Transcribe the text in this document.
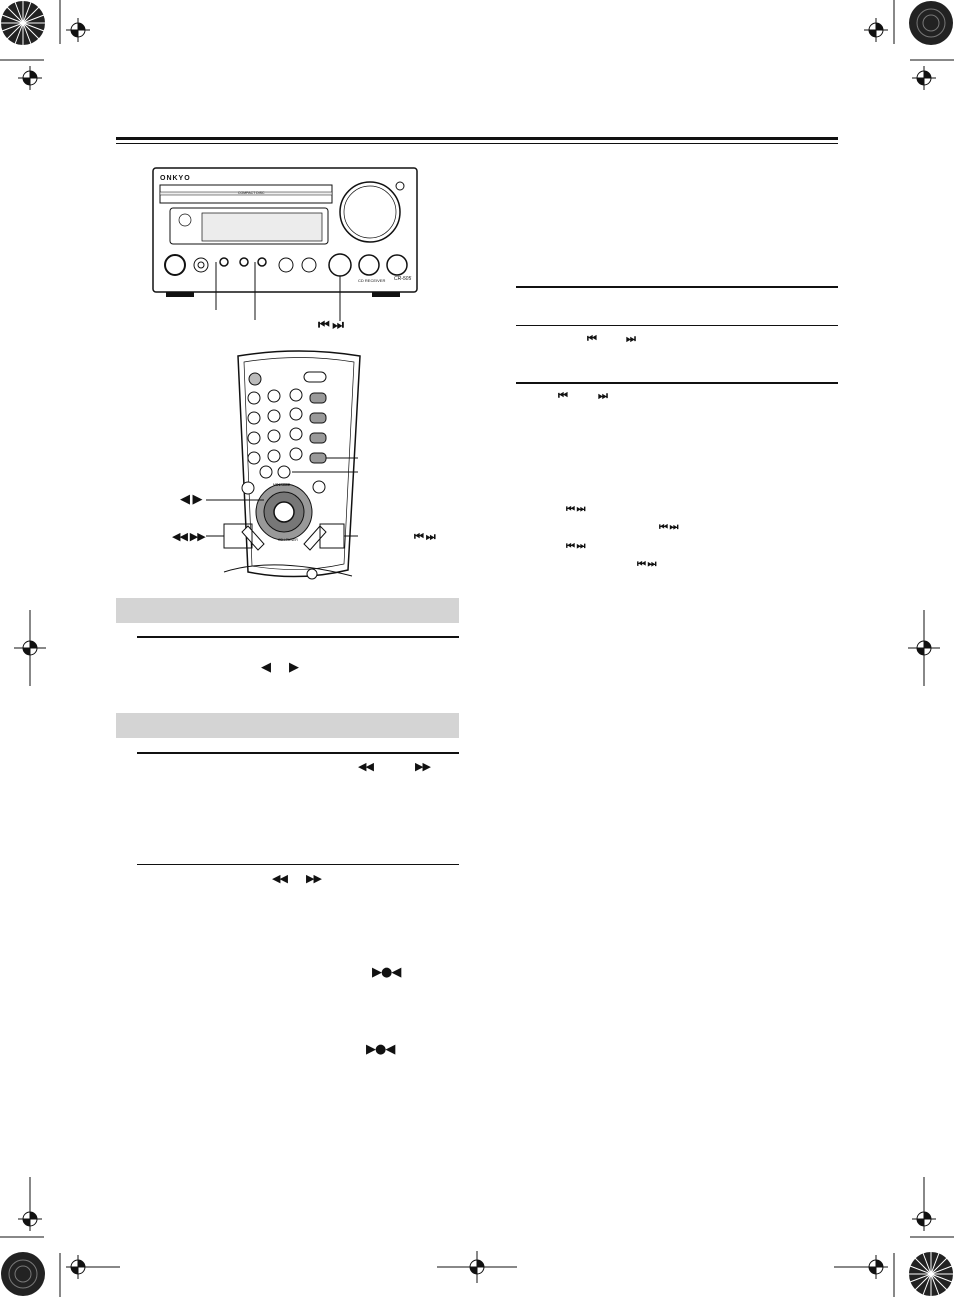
ONKYO
COMPACT DISC
CD RECEIVER CR-505
⏮ ⏭
VOLUME
CD / TUNER
◀ ▶
◀◀ ▶▶	⏮ ⏭
◀ ▶
◀◀	▶▶
◀◀ ▶▶
▶●◀
▶●◀
⏮	⏭
⏮	⏭
⏮ ⏭
⏮ ⏭
⏮ ⏭
⏮ ⏭
